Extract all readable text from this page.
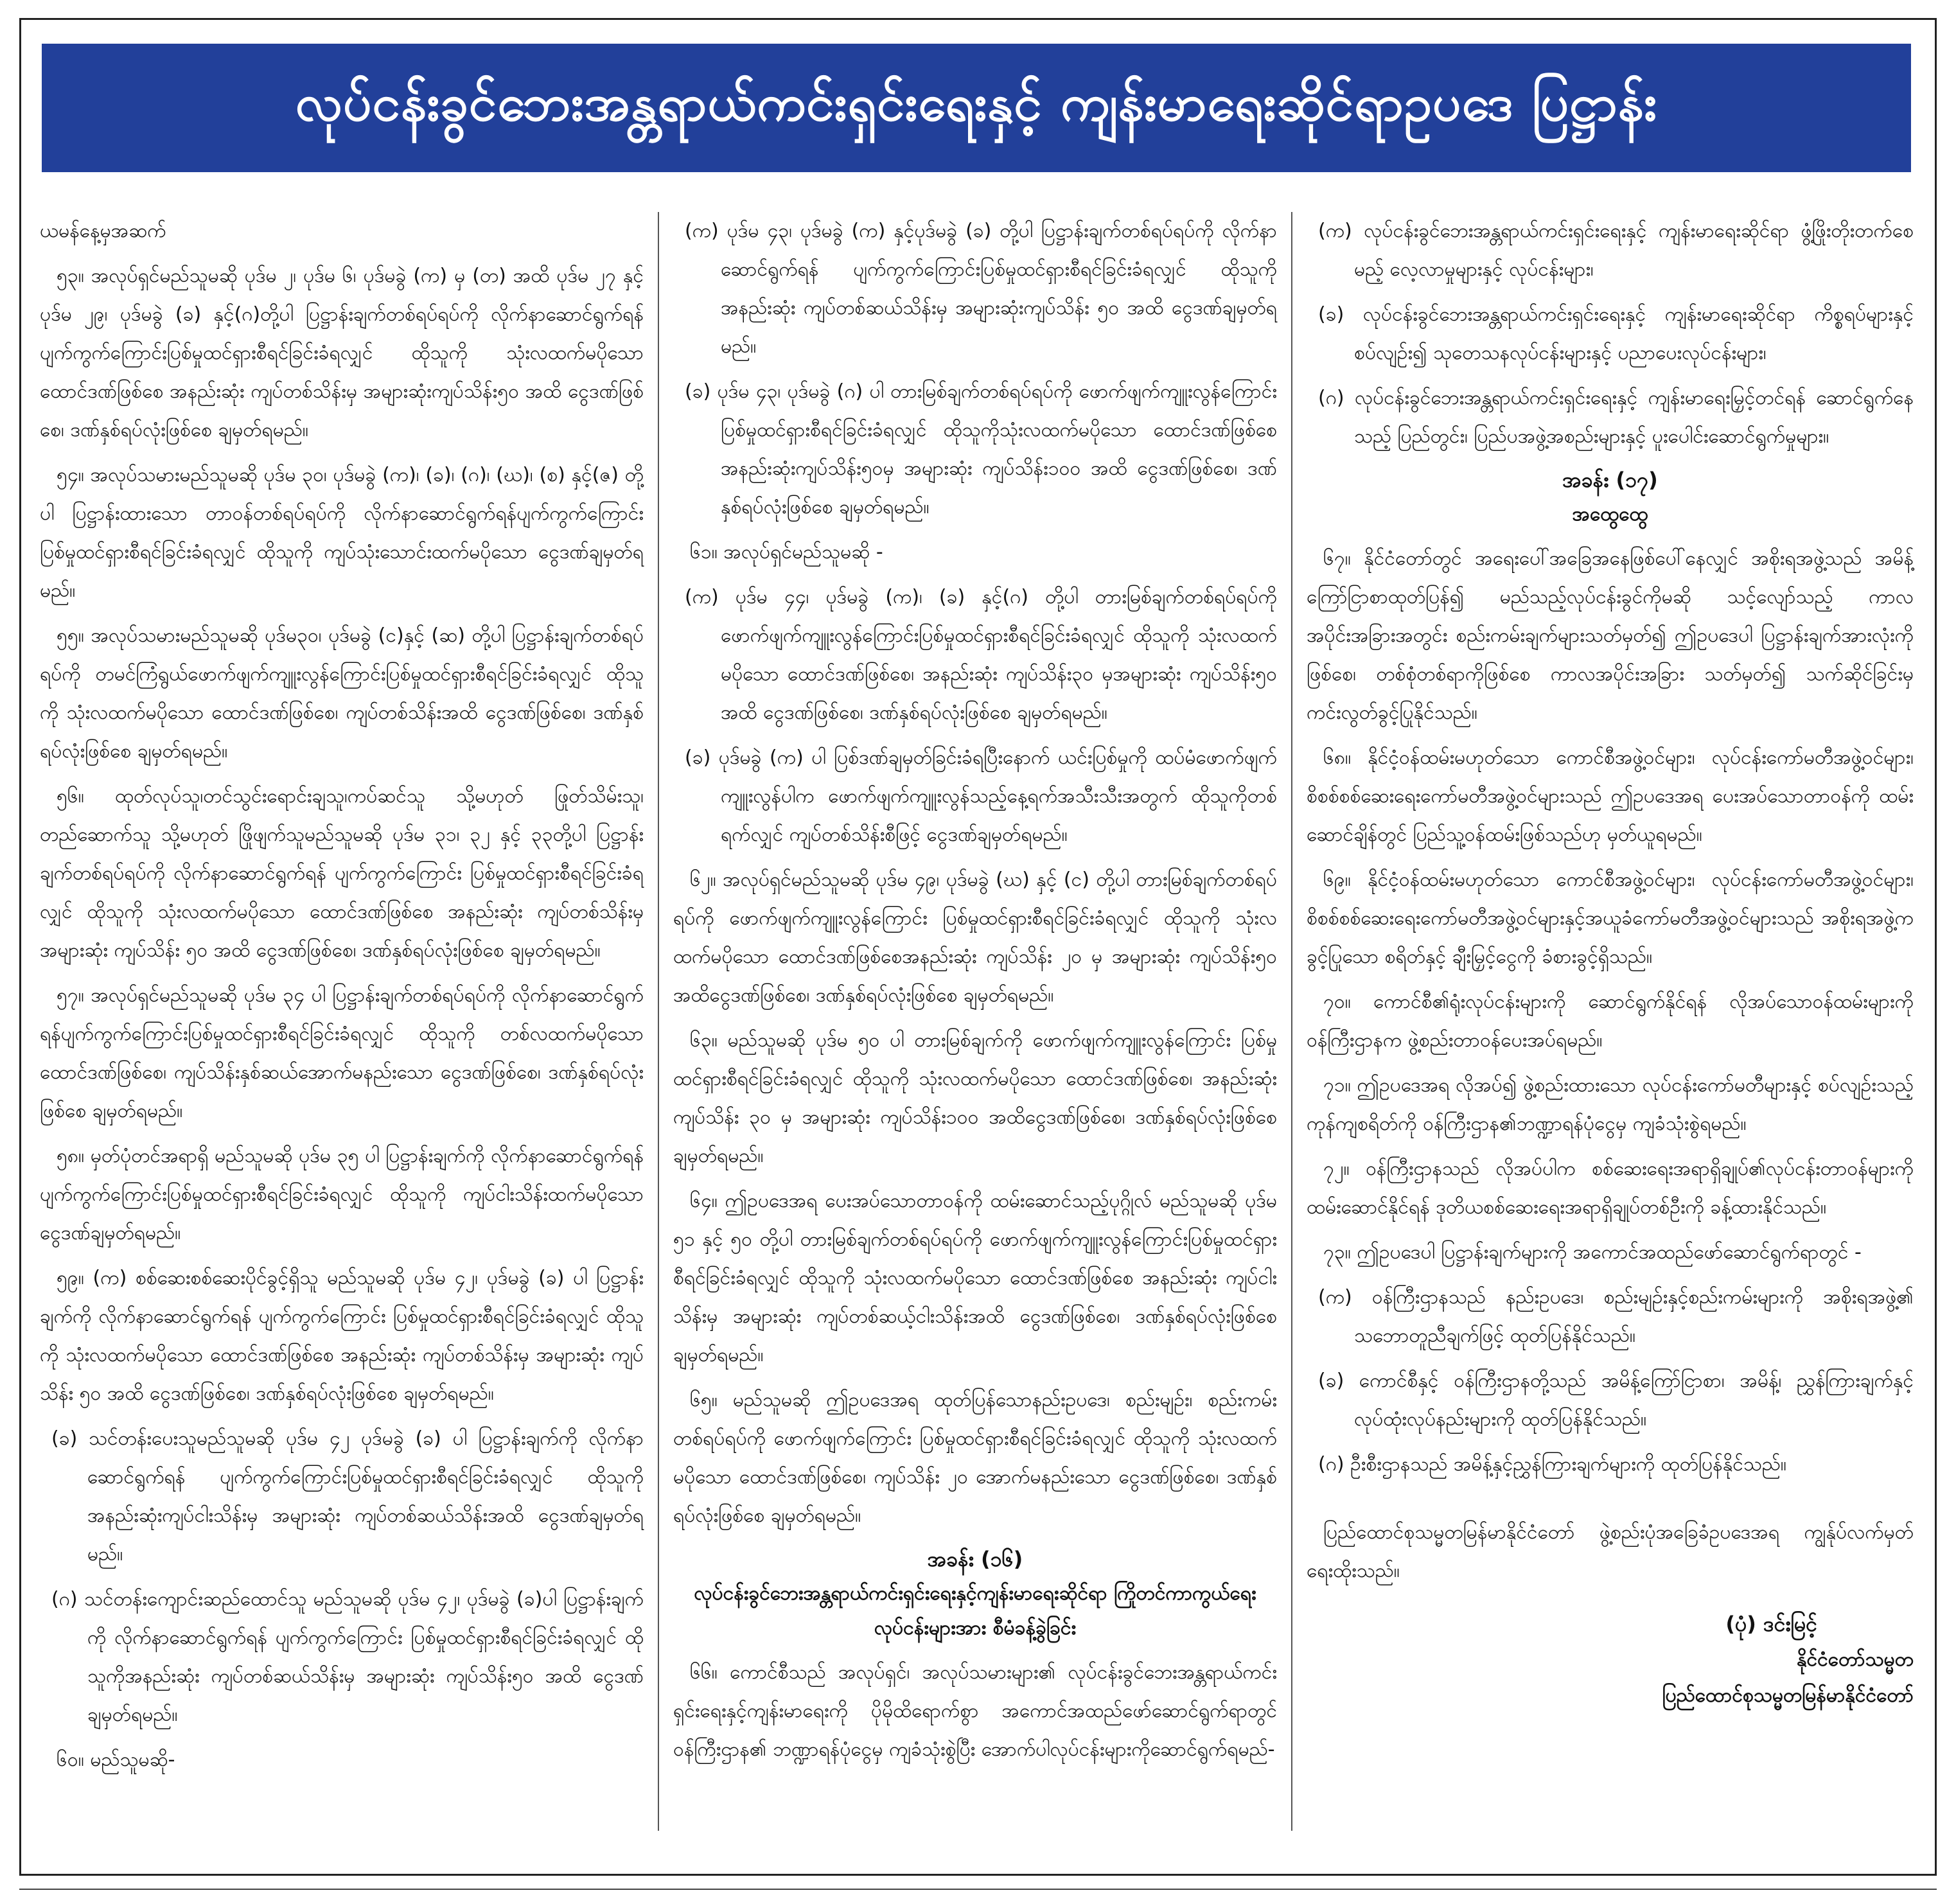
လုပ်ငန်းခွင်ဘေးအန္တရာယ်ကင်းရှင်းရေးနှင့် ကျန်းမာရေးဆိုင်ရာဥပဒေ ပြဋ္ဌာန်း

ယမန်နေ့မှအဆက်

၅၃။ အလုပ်ရှင်မည်သူမဆို ပုဒ်မ ၂၊ ပုဒ်မ ၆၊ ပုဒ်မခွဲ (က) မှ (တ) အထိ ပုဒ်မ ၂၇ နှင့် ပုဒ်မ ၂၉၊ ပုဒ်မခွဲ (ခ) နှင့်(ဂ)တို့ပါ ပြဋ္ဌာန်းချက်တစ်ရပ်ရပ်ကို လိုက်နာဆောင်ရွက်ရန် ပျက်ကွက်ကြောင်းပြစ်မှုထင်ရှားစီရင်ခြင်းခံရလျှင် ထိုသူကို သုံးလထက်မပိုသော ထောင်ဒဏ်ဖြစ်စေ အနည်းဆုံး ကျပ်တစ်သိန်းမှ အများဆုံးကျပ်သိန်း၅၀ အထိ ငွေဒဏ်ဖြစ်စေ၊ ဒဏ်နှစ်ရပ်လုံးဖြစ်စေ ချမှတ်ရမည်။

၅၄။ အလုပ်သမားမည်သူမဆို ပုဒ်မ ၃၀၊ ပုဒ်မခွဲ (က)၊ (ခ)၊ (ဂ)၊ (ဃ)၊ (စ) နှင့်(ဇ) တို့ပါ ပြဋ္ဌာန်းထားသော တာဝန်တစ်ရပ်ရပ်ကို လိုက်နာဆောင်ရွက်ရန်ပျက်ကွက်ကြောင်း ပြစ်မှုထင်ရှားစီရင်ခြင်းခံရလျှင် ထိုသူကို ကျပ်သုံးသောင်းထက်မပိုသော ငွေဒဏ်ချမှတ်ရမည်။

၅၅။ အလုပ်သမားမည်သူမဆို ပုဒ်မ၃၀၊ ပုဒ်မခွဲ (င)နှင့် (ဆ) တို့ပါ ပြဋ္ဌာန်းချက်တစ်ရပ်ရပ်ကို တမင်ကြံရွယ်ဖောက်ဖျက်ကျူးလွန်ကြောင်းပြစ်မှုထင်ရှားစီရင်ခြင်းခံရလျှင် ထိုသူကို သုံးလထက်မပိုသော ထောင်ဒဏ်ဖြစ်စေ၊ ကျပ်တစ်သိန်းအထိ ငွေဒဏ်ဖြစ်စေ၊ ဒဏ်နှစ်ရပ်လုံးဖြစ်စေ ချမှတ်ရမည်။

၅၆။ ထုတ်လုပ်သူ၊တင်သွင်းရောင်းချသူ၊ကပ်ဆင်သူ သို့မဟုတ် ဖြုတ်သိမ်းသူ၊ တည်ဆောက်သူ သို့မဟုတ် ဖြိုဖျက်သူမည်သူမဆို ပုဒ်မ ၃၁၊ ၃၂ နှင့် ၃၃တို့ပါ ပြဋ္ဌာန်းချက်တစ်ရပ်ရပ်ကို လိုက်နာဆောင်ရွက်ရန် ပျက်ကွက်ကြောင်း ပြစ်မှုထင်ရှားစီရင်ခြင်းခံရလျှင် ထိုသူကို သုံးလထက်မပိုသော ထောင်ဒဏ်ဖြစ်စေ အနည်းဆုံး ကျပ်တစ်သိန်းမှ အများဆုံး ကျပ်သိန်း ၅၀ အထိ ငွေဒဏ်ဖြစ်စေ၊ ဒဏ်နှစ်ရပ်လုံးဖြစ်စေ ချမှတ်ရမည်။

၅၇။ အလုပ်ရှင်မည်သူမဆို ပုဒ်မ ၃၄ ပါ ပြဋ္ဌာန်းချက်တစ်ရပ်ရပ်ကို လိုက်နာဆောင်ရွက်ရန်ပျက်ကွက်ကြောင်းပြစ်မှုထင်ရှားစီရင်ခြင်းခံရလျှင် ထိုသူကို တစ်လထက်မပိုသော ထောင်ဒဏ်ဖြစ်စေ၊ ကျပ်သိန်းနှစ်ဆယ်အောက်မနည်းသော ငွေဒဏ်ဖြစ်စေ၊ ဒဏ်နှစ်ရပ်လုံးဖြစ်စေ ချမှတ်ရမည်။

၅၈။ မှတ်ပုံတင်အရာရှိ မည်သူမဆို ပုဒ်မ ၃၅ ပါ ပြဋ္ဌာန်းချက်ကို လိုက်နာဆောင်ရွက်ရန် ပျက်ကွက်ကြောင်းပြစ်မှုထင်ရှားစီရင်ခြင်းခံရလျှင် ထိုသူကို ကျပ်ငါးသိန်းထက်မပိုသော ငွေဒဏ်ချမှတ်ရမည်။

၅၉။ (က) စစ်ဆေးစစ်ဆေးပိုင်ခွင့်ရှိသူ မည်သူမဆို ပုဒ်မ ၄၂၊ ပုဒ်မခွဲ (ခ) ပါ ပြဋ္ဌာန်းချက်ကို လိုက်နာဆောင်ရွက်ရန် ပျက်ကွက်ကြောင်း ပြစ်မှုထင်ရှားစီရင်ခြင်းခံရလျှင် ထိုသူကို သုံးလထက်မပိုသော ထောင်ဒဏ်ဖြစ်စေ အနည်းဆုံး ကျပ်တစ်သိန်းမှ အများဆုံး ကျပ်သိန်း ၅၀ အထိ ငွေဒဏ်ဖြစ်စေ၊ ဒဏ်နှစ်ရပ်လုံးဖြစ်စေ ချမှတ်ရမည်။

(ခ) သင်တန်းပေးသူမည်သူမဆို ပုဒ်မ ၄၂ ပုဒ်မခွဲ (ခ) ပါ ပြဋ္ဌာန်းချက်ကို လိုက်နာဆောင်ရွက်ရန် ပျက်ကွက်ကြောင်းပြစ်မှုထင်ရှားစီရင်ခြင်းခံရလျှင် ထိုသူကို အနည်းဆုံးကျပ်ငါးသိန်းမှ အများဆုံး ကျပ်တစ်ဆယ်သိန်းအထိ ငွေဒဏ်ချမှတ်ရမည်။

(ဂ) သင်တန်းကျောင်းဆည်ထောင်သူ မည်သူမဆို ပုဒ်မ ၄၂၊ ပုဒ်မခွဲ (ခ)ပါ ပြဋ္ဌာန်းချက်ကို လိုက်နာဆောင်ရွက်ရန် ပျက်ကွက်ကြောင်း ပြစ်မှုထင်ရှားစီရင်ခြင်းခံရလျှင် ထိုသူကိုအနည်းဆုံး ကျပ်တစ်ဆယ်သိန်းမှ အများဆုံး ကျပ်သိန်း၅၀ အထိ ငွေဒဏ်ချမှတ်ရမည်။

၆၀။ မည်သူမဆို-

(က) ပုဒ်မ ၄၃၊ ပုဒ်မခွဲ (က) နှင့်ပုဒ်မခွဲ (ခ) တို့ပါ ပြဋ္ဌာန်းချက်တစ်ရပ်ရပ်ကို လိုက်နာဆောင်ရွက်ရန် ပျက်ကွက်ကြောင်းပြစ်မှုထင်ရှားစီရင်ခြင်းခံရလျှင် ထိုသူကိုအနည်းဆုံး ကျပ်တစ်ဆယ်သိန်းမှ အများဆုံးကျပ်သိန်း ၅၀ အထိ ငွေဒဏ်ချမှတ်ရမည်။

(ခ) ပုဒ်မ ၄၃၊ ပုဒ်မခွဲ (ဂ) ပါ တားမြစ်ချက်တစ်ရပ်ရပ်ကို ဖောက်ဖျက်ကျူးလွန်ကြောင်း ပြစ်မှုထင်ရှားစီရင်ခြင်းခံရလျှင် ထိုသူကိုသုံးလထက်မပိုသော ထောင်ဒဏ်ဖြစ်စေ အနည်းဆုံးကျပ်သိန်း၅၀မှ အများဆုံး ကျပ်သိန်း၁၀၀ အထိ ငွေဒဏ်ဖြစ်စေ၊ ဒဏ်နှစ်ရပ်လုံးဖြစ်စေ ချမှတ်ရမည်။

၆၁။ အလုပ်ရှင်မည်သူမဆို -

(က) ပုဒ်မ ၄၄၊ ပုဒ်မခွဲ (က)၊ (ခ) နှင့်(ဂ) တို့ပါ တားမြစ်ချက်တစ်ရပ်ရပ်ကို ဖောက်ဖျက်ကျူးလွန်ကြောင်းပြစ်မှုထင်ရှားစီရင်ခြင်းခံရလျှင် ထိုသူကို သုံးလထက်မပိုသော ထောင်ဒဏ်ဖြစ်စေ၊ အနည်းဆုံး ကျပ်သိန်း၃၀ မှအများဆုံး ကျပ်သိန်း၅၀ အထိ ငွေဒဏ်ဖြစ်စေ၊ ဒဏ်နှစ်ရပ်လုံးဖြစ်စေ ချမှတ်ရမည်။

(ခ) ပုဒ်မခွဲ (က) ပါ ပြစ်ဒဏ်ချမှတ်ခြင်းခံရပြီးနောက် ယင်းပြစ်မှုကို ထပ်မံဖောက်ဖျက်ကျူးလွန်ပါက ဖောက်ဖျက်ကျူးလွန်သည့်နေ့ရက်အသီးသီးအတွက် ထိုသူကိုတစ်ရက်လျှင် ကျပ်တစ်သိန်းစီဖြင့် ငွေဒဏ်ချမှတ်ရမည်။

၆၂။ အလုပ်ရှင်မည်သူမဆို ပုဒ်မ ၄၉၊ ပုဒ်မခွဲ (ဃ) နှင့် (င) တို့ပါ တားမြစ်ချက်တစ်ရပ်ရပ်ကို ဖောက်ဖျက်ကျူးလွန်ကြောင်း ပြစ်မှုထင်ရှားစီရင်ခြင်းခံရလျှင် ထိုသူကို သုံးလထက်မပိုသော ထောင်ဒဏ်ဖြစ်စေအနည်းဆုံး ကျပ်သိန်း ၂၀ မှ အများဆုံး ကျပ်သိန်း၅၀ အထိငွေဒဏ်ဖြစ်စေ၊ ဒဏ်နှစ်ရပ်လုံးဖြစ်စေ ချမှတ်ရမည်။

၆၃။ မည်သူမဆို ပုဒ်မ ၅၀ ပါ တားမြစ်ချက်ကို ဖောက်ဖျက်ကျူးလွန်ကြောင်း ပြစ်မှုထင်ရှားစီရင်ခြင်းခံရလျှင် ထိုသူကို သုံးလထက်မပိုသော ထောင်ဒဏ်ဖြစ်စေ၊ အနည်းဆုံး ကျပ်သိန်း ၃၀ မှ အများဆုံး ကျပ်သိန်း၁၀၀ အထိငွေဒဏ်ဖြစ်စေ၊ ဒဏ်နှစ်ရပ်လုံးဖြစ်စေချမှတ်ရမည်။

၆၄။ ဤဥပဒေအရ ပေးအပ်သောတာဝန်ကို ထမ်းဆောင်သည့်ပုဂ္ဂိုလ် မည်သူမဆို ပုဒ်မ ၅၁ နှင့် ၅၀ တို့ပါ တားမြစ်ချက်တစ်ရပ်ရပ်ကို ဖောက်ဖျက်ကျူးလွန်ကြောင်းပြစ်မှုထင်ရှားစီရင်ခြင်းခံရလျှင် ထိုသူကို သုံးလထက်မပိုသော ထောင်ဒဏ်ဖြစ်စေ အနည်းဆုံး ကျပ်ငါးသိန်းမှ အများဆုံး ကျပ်တစ်ဆယ့်ငါးသိန်းအထိ ငွေဒဏ်ဖြစ်စေ၊ ဒဏ်နှစ်ရပ်လုံးဖြစ်စေ ချမှတ်ရမည်။

၆၅။ မည်သူမဆို ဤဥပဒေအရ ထုတ်ပြန်သောနည်းဥပဒေ၊ စည်းမျဉ်း၊ စည်းကမ်းတစ်ရပ်ရပ်ကို ဖောက်ဖျက်ကြောင်း ပြစ်မှုထင်ရှားစီရင်ခြင်းခံရလျှင် ထိုသူကို သုံးလထက်မပိုသော ထောင်ဒဏ်ဖြစ်စေ၊ ကျပ်သိန်း ၂၀ အောက်မနည်းသော ငွေဒဏ်ဖြစ်စေ၊ ဒဏ်နှစ်ရပ်လုံးဖြစ်စေ ချမှတ်ရမည်။

အခန်း (၁၆)
လုပ်ငန်းခွင်ဘေးအန္တရာယ်ကင်းရှင်းရေးနှင့်ကျန်းမာရေးဆိုင်ရာ ကြိုတင်ကာကွယ်ရေးလုပ်ငန်းများအား စီမံခန့်ခွဲခြင်း

၆၆။ ကောင်စီသည် အလုပ်ရှင်၊ အလုပ်သမားများ၏ လုပ်ငန်းခွင်ဘေးအန္တရာယ်ကင်းရှင်းရေးနှင့်ကျန်းမာရေးကို ပိုမိုထိရောက်စွာ အကောင်အထည်ဖော်ဆောင်ရွက်ရာတွင် ဝန်ကြီးဌာန၏ ဘဏ္ဍာရန်ပုံငွေမှ ကျခံသုံးစွဲပြီး အောက်ပါလုပ်ငန်းများကိုဆောင်ရွက်ရမည်-

(က) လုပ်ငန်းခွင်ဘေးအန္တရာယ်ကင်းရှင်းရေးနှင့် ကျန်းမာရေးဆိုင်ရာ ဖွံ့ဖြိုးတိုးတက်စေမည့် လေ့လာမှုများနှင့် လုပ်ငန်းများ၊

(ခ) လုပ်ငန်းခွင်ဘေးအန္တရာယ်ကင်းရှင်းရေးနှင့် ကျန်းမာရေးဆိုင်ရာ ကိစ္စရပ်များနှင့်စပ်လျဉ်း၍ သုတေသနလုပ်ငန်းများနှင့် ပညာပေးလုပ်ငန်းများ၊

(ဂ) လုပ်ငန်းခွင်ဘေးအန္တရာယ်ကင်းရှင်းရေးနှင့် ကျန်းမာရေးမြှင့်တင်ရန် ဆောင်ရွက်နေသည့် ပြည်တွင်း၊ ပြည်ပအဖွဲ့အစည်းများနှင့် ပူးပေါင်းဆောင်ရွက်မှုများ။

အခန်း (၁၇)
အထွေထွေ

၆၇။ နိုင်ငံတော်တွင် အရေးပေါ်အခြေအနေဖြစ်ပေါ်နေလျှင် အစိုးရအဖွဲ့သည် အမိန့်ကြော်ငြာစာထုတ်ပြန်၍ မည်သည့်လုပ်ငန်းခွင်ကိုမဆို သင့်လျော်သည့် ကာလအပိုင်းအခြားအတွင်း စည်းကမ်းချက်များသတ်မှတ်၍ ဤဥပဒေပါ ပြဋ္ဌာန်းချက်အားလုံးကိုဖြစ်စေ၊ တစ်စုံတစ်ရာကိုဖြစ်စေ ကာလအပိုင်းအခြား သတ်မှတ်၍ သက်ဆိုင်ခြင်းမှ ကင်းလွတ်ခွင့်ပြုနိုင်သည်။

၆၈။ နိုင်ငံ့ဝန်ထမ်းမဟုတ်သော ကောင်စီအဖွဲ့ဝင်များ၊ လုပ်ငန်းကော်မတီအဖွဲ့ဝင်များ၊ စိစစ်စစ်ဆေးရေးကော်မတီအဖွဲ့ဝင်များသည် ဤဥပဒေအရ ပေးအပ်သောတာဝန်ကို ထမ်းဆောင်ချိန်တွင် ပြည်သူ့ဝန်ထမ်းဖြစ်သည်ဟု မှတ်ယူရမည်။

၆၉။ နိုင်ငံ့ဝန်ထမ်းမဟုတ်သော ကောင်စီအဖွဲ့ဝင်များ၊ လုပ်ငန်းကော်မတီအဖွဲ့ဝင်များ၊ စိစစ်စစ်ဆေးရေးကော်မတီအဖွဲ့ဝင်များနှင့်အယူခံကော်မတီအဖွဲ့ဝင်များသည် အစိုးရအဖွဲ့ကခွင့်ပြုသော စရိတ်နှင့် ချီးမြှင့်ငွေကို ခံစားခွင့်ရှိသည်။

၇၀။ ကောင်စီ၏ရုံးလုပ်ငန်းများကို ဆောင်ရွက်နိုင်ရန် လိုအပ်သောဝန်ထမ်းများကို ဝန်ကြီးဌာနက ဖွဲ့စည်းတာဝန်ပေးအပ်ရမည်။

၇၁။ ဤဥပဒေအရ လိုအပ်၍ ဖွဲ့စည်းထားသော လုပ်ငန်းကော်မတီများနှင့် စပ်လျဉ်းသည့် ကုန်ကျစရိတ်ကို ဝန်ကြီးဌာန၏ဘဏ္ဍာရန်ပုံငွေမှ ကျခံသုံးစွဲရမည်။

၇၂။ ဝန်ကြီးဌာနသည် လိုအပ်ပါက စစ်ဆေးရေးအရာရှိချုပ်၏လုပ်ငန်းတာဝန်များကို ထမ်းဆောင်နိုင်ရန် ဒုတိယစစ်ဆေးရေးအရာရှိချုပ်တစ်ဦးကို ခန့်ထားနိုင်သည်။

၇၃။ ဤဥပဒေပါ ပြဋ္ဌာန်းချက်များကို အကောင်အထည်ဖော်ဆောင်ရွက်ရာတွင် -

(က) ဝန်ကြီးဌာနသည် နည်းဥပဒေ၊ စည်းမျဉ်းနှင့်စည်းကမ်းများကို အစိုးရအဖွဲ့၏ သဘောတူညီချက်ဖြင့် ထုတ်ပြန်နိုင်သည်။

(ခ) ကောင်စီနှင့် ဝန်ကြီးဌာနတို့သည် အမိန့်ကြော်ငြာစာ၊ အမိန့်၊ ညွှန်ကြားချက်နှင့် လုပ်ထုံးလုပ်နည်းများကို ထုတ်ပြန်နိုင်သည်။

(ဂ) ဦးစီးဌာနသည် အမိန့်နှင့်ညွှန်ကြားချက်များကို ထုတ်ပြန်နိုင်သည်။

ပြည်ထောင်စုသမ္မတမြန်မာနိုင်ငံတော် ဖွဲ့စည်းပုံအခြေခံဥပဒေအရ ကျွန်ုပ်လက်မှတ်ရေးထိုးသည်။

(ပုံ) ဒင်းမြင့်
နိုင်ငံတော်သမ္မတ
ပြည်ထောင်စုသမ္မတမြန်မာနိုင်ငံတော်
